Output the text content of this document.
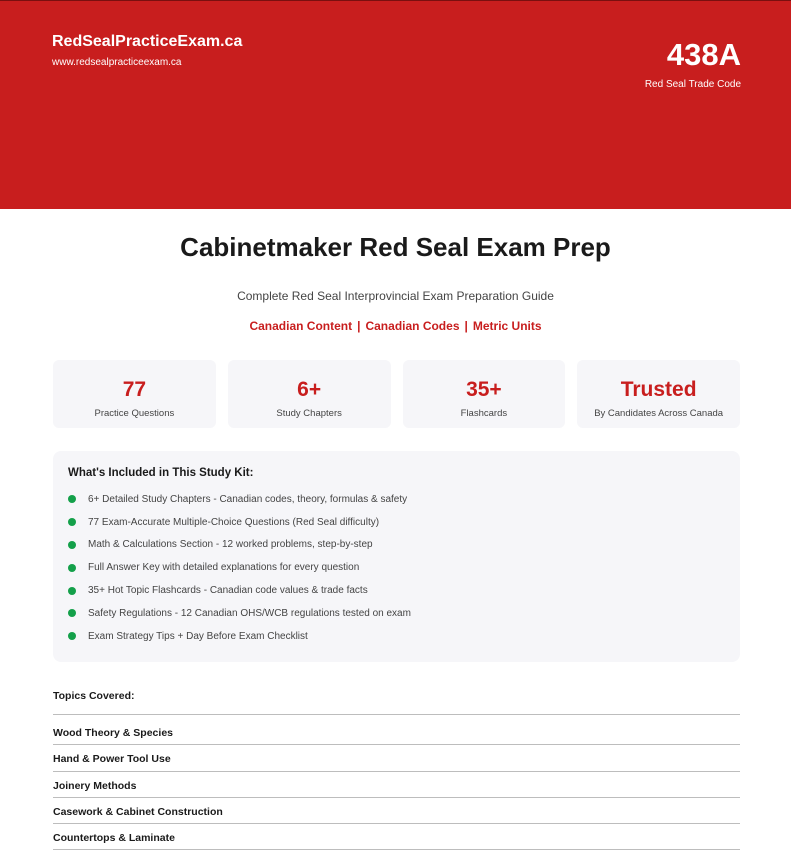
RedSealPracticeExam.ca
www.redsealpracticeexam.ca	438A
Red Seal Trade Code
Cabinetmaker Red Seal Exam Prep
Complete Red Seal Interprovincial Exam Preparation Guide
Canadian Content | Canadian Codes | Metric Units
77
Practice Questions
6+
Study Chapters
35+
Flashcards
Trusted
By Candidates Across Canada
What's Included in This Study Kit:
6+ Detailed Study Chapters - Canadian codes, theory, formulas & safety
77 Exam-Accurate Multiple-Choice Questions (Red Seal difficulty)
Math & Calculations Section - 12 worked problems, step-by-step
Full Answer Key with detailed explanations for every question
35+ Hot Topic Flashcards - Canadian code values & trade facts
Safety Regulations - 12 Canadian OHS/WCB regulations tested on exam
Exam Strategy Tips + Day Before Exam Checklist
Topics Covered:
Wood Theory & Species
Hand & Power Tool Use
Joinery Methods
Casework & Cabinet Construction
Countertops & Laminate
